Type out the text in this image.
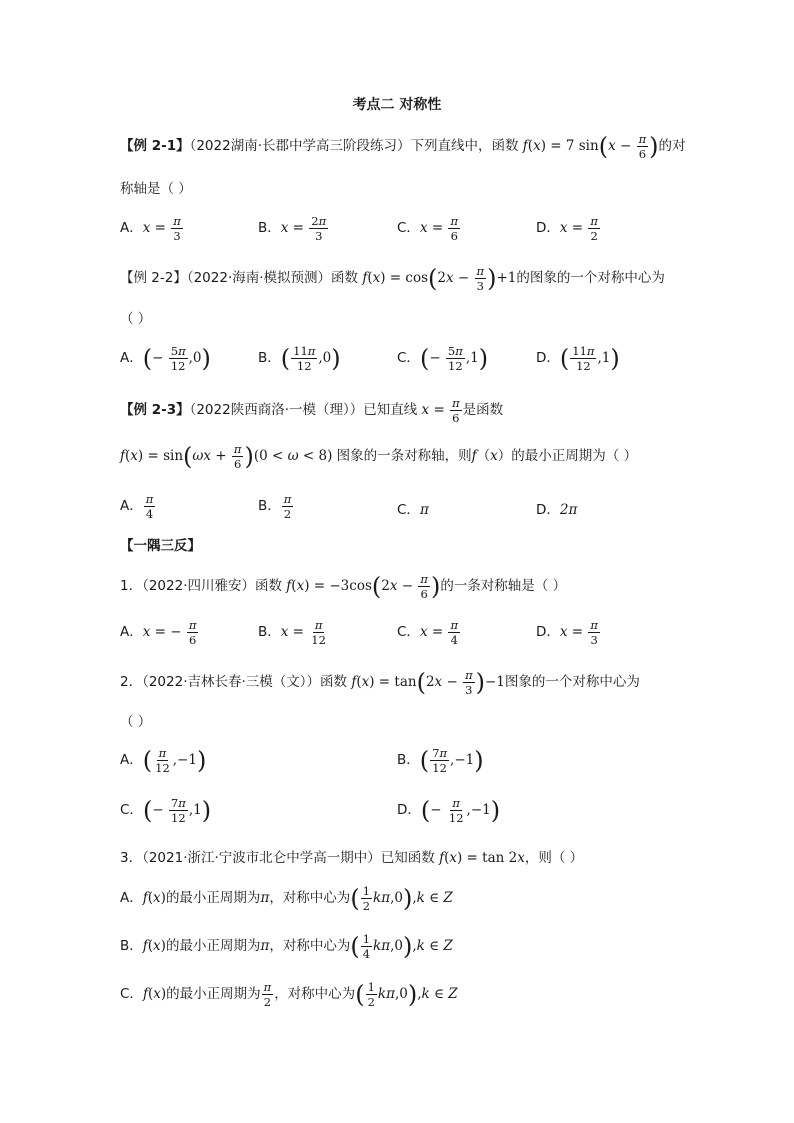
考点二 对称性
【例 2-1】（2022湖南·长郡中学高三阶段练习）下列直线中，函数 f(x) = 7 $\sin(x - \frac{\pi}{6}$ )的对
称轴是（ ）
A．$x = \frac{\pi}{3}$	B．$x = \frac{2\pi}{3}$	C．$x = \frac{\pi}{6}$	D．$x = \frac{\pi}{2}$
【例 2-2】（2022·海南·模拟预测）函数 $f(x) = \cos(2x - \frac{\pi}{3} )+1$的图象的一个对称中心为
（ ）
A．(− $\frac{5\pi}{12} ,0$)	B．( $\frac{11\pi}{12} ,0$)	C．(− $\frac{5\pi}{12} ,1$)	D．( $\frac{11\pi}{12} ,1$)
【例 2-3】（2022陕西商洛·一模（理））已知直线 $x = \frac{\pi}{6}$ 是函数
$f(x) = \sin(\omega x + \frac{\pi}{6} )(0 < \omega < 8)$ 图象的一条对称轴，则f（x）的最小正周期为（ ）
A． $\frac{\pi}{4}$	B． $\frac{\pi}{2}$	C．π	D．2π
【一隅三反】
1．（2022·四川雅安）函数 $f(x) = -3\cos(2x - \frac{\pi}{6}$ )的一条对称轴是（ ）
A．x = − $\frac{\pi}{6}$	B．$x = \frac{\pi}{12}$	C．$x = \frac{\pi}{4}$	D．$x = \frac{\pi}{3}$
2．（2022·吉林长春·三模（文））函数 $f(x) = \tan(2x - \frac{\pi}{3} )-1$图象的一个对称中心为
（ ）
A．( $\frac{\pi}{12} ,-1$)	B．( $\frac{7\pi}{12} ,-1$)
C．(− $\frac{7\pi}{12} ,1$)	D．(− $\frac{\pi}{12} ,-1$)
3．（2021·浙江·宁波市北仑中学高一期中）已知函数 f(x) = tan 2x，则（ ）
A．f(x)的最小正周期为π，对称中心为( $\frac{1}{2} k\pi,0),k$ ∈ Z
B．f(x)的最小正周期为π，对称中心为( $\frac{1}{4} k\pi,0),k$ ∈ Z
C．f(x)的最小正周期为 $\frac{\pi}{2}$ ，对称中心为( $\frac{1}{2} k\pi,0),k$ ∈ Z
